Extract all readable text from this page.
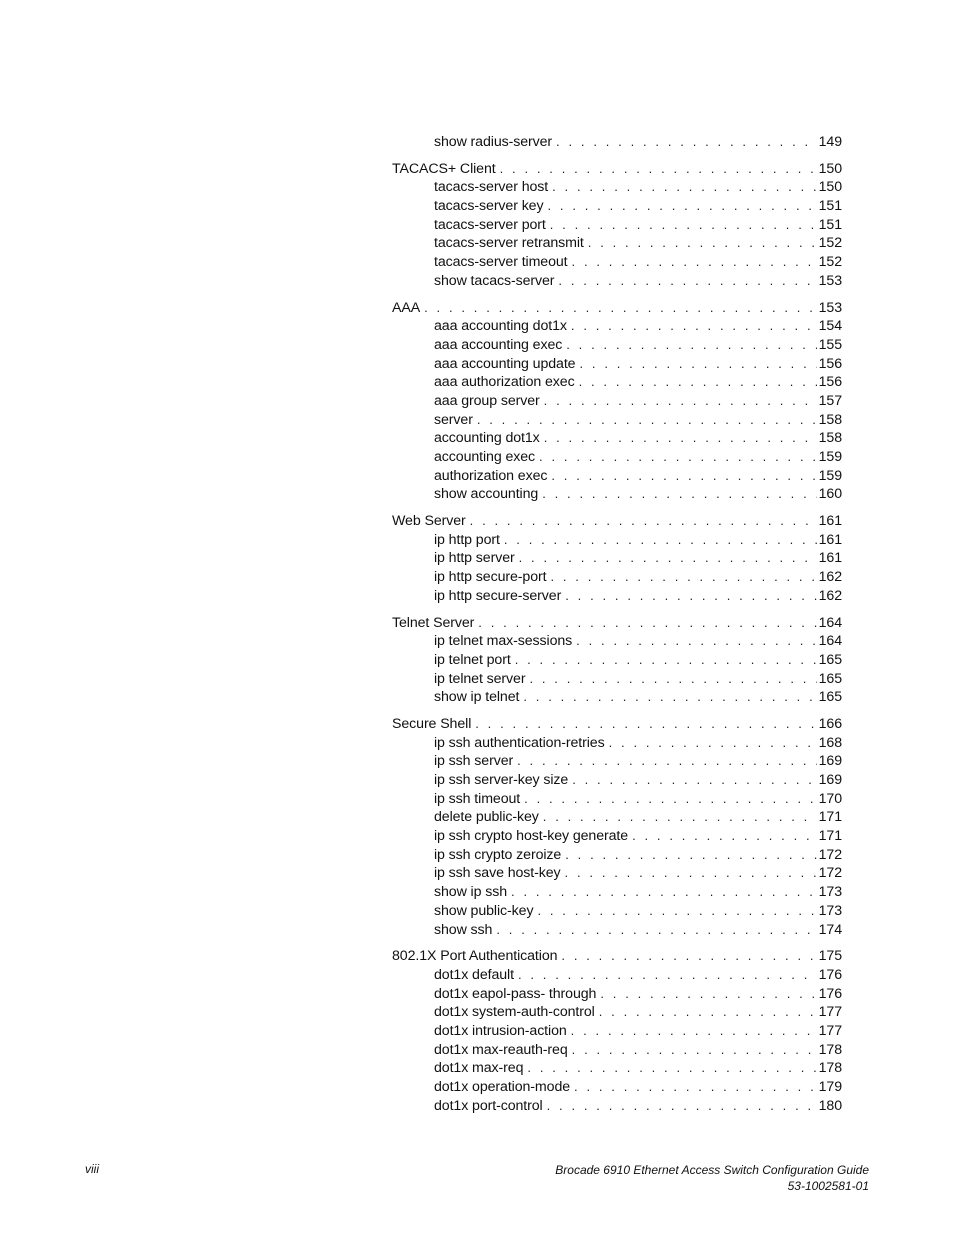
show radius-server . . .	149
TACACS+ Client . . .	150
tacacs-server host . . .	150
tacacs-server key . . .	151
tacacs-server port . . .	151
tacacs-server retransmit . . .	152
tacacs-server timeout . . .	152
show tacacs-server . . .	153
AAA . . .	153
aaa accounting dot1x . . .	154
aaa accounting exec . . .	155
aaa accounting update . . .	156
aaa authorization exec . . .	156
aaa group server . . .	157
server . . .	158
accounting dot1x . . .	158
accounting exec . . .	159
authorization exec . . .	159
show accounting . . .	160
Web Server . . .	161
ip http port . . .	161
ip http server . . .	161
ip http secure-port . . .	162
ip http secure-server . . .	162
Telnet Server . . .	164
ip telnet max-sessions . . .	164
ip telnet port . . .	165
ip telnet server . . .	165
show ip telnet . . .	165
Secure Shell . . .	166
ip ssh authentication-retries . . .	168
ip ssh server . . .	169
ip ssh server-key size . . .	169
ip ssh timeout . . .	170
delete public-key . . .	171
ip ssh crypto host-key generate . . .	171
ip ssh crypto zeroize . . .	172
ip ssh save host-key . . .	172
show ip ssh . . .	173
show public-key . . .	173
show ssh . . .	174
802.1X Port Authentication . . .	175
dot1x default . . .	176
dot1x eapol-pass- through . . .	176
dot1x system-auth-control . . .	177
dot1x intrusion-action . . .	177
dot1x max-reauth-req . . .	178
dot1x max-req . . .	178
dot1x operation-mode . . .	179
dot1x port-control . . .	180
viii	Brocade 6910 Ethernet Access Switch Configuration Guide
53-1002581-01
